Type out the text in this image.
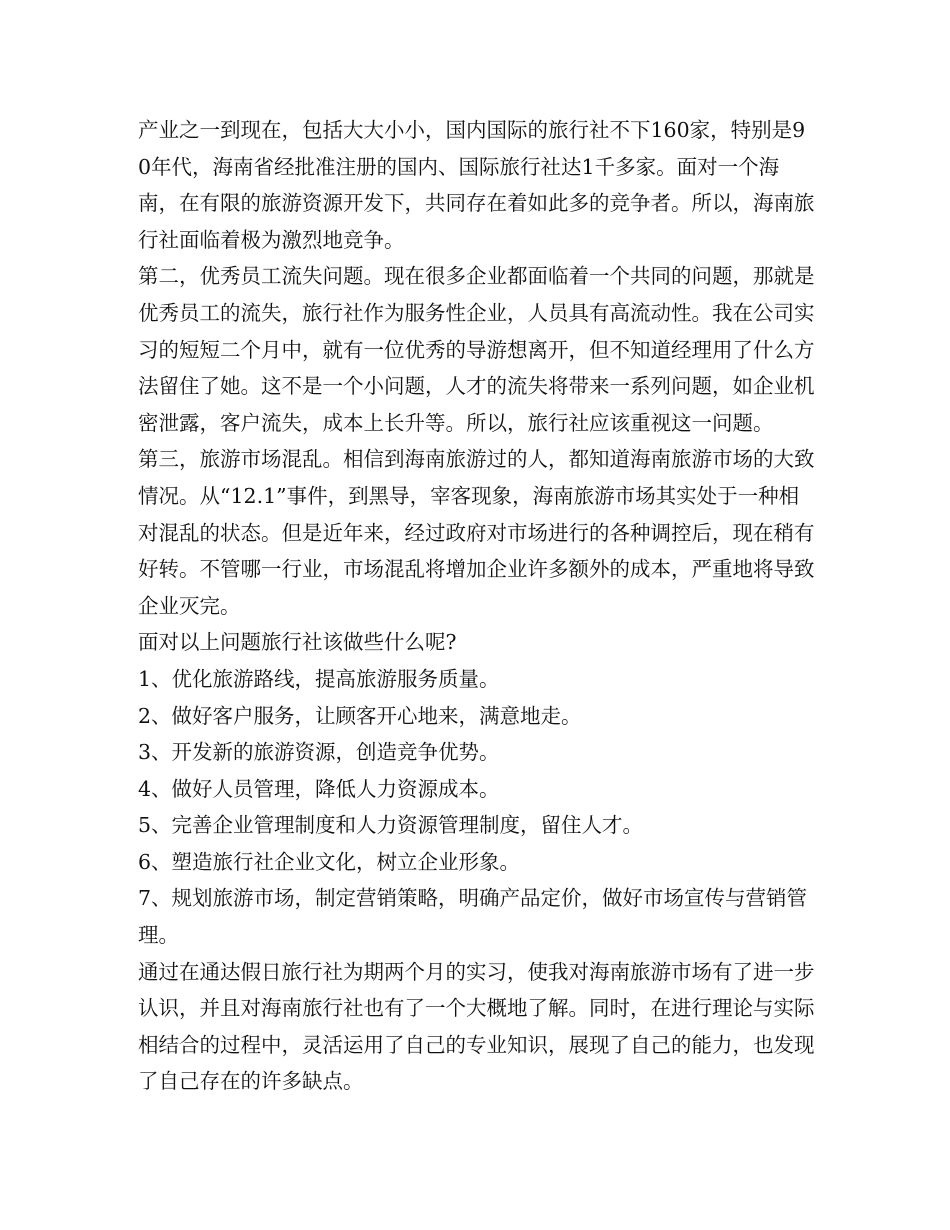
产业之一到现在，包括大大小小，国内国际的旅行社不下160家，特别是90年代，海南省经批准注册的国内、国际旅行社达1千多家。面对一个海南，在有限的旅游资源开发下，共同存在着如此多的竞争者。所以，海南旅行社面临着极为激烈地竞争。

第二，优秀员工流失问题。现在很多企业都面临着一个共同的问题，那就是优秀员工的流失，旅行社作为服务性企业，人员具有高流动性。我在公司实习的短短二个月中，就有一位优秀的导游想离开，但不知道经理用了什么方法留住了她。这不是一个小问题，人才的流失将带来一系列问题，如企业机密泄露，客户流失，成本上长升等。所以，旅行社应该重视这一问题。

第三，旅游市场混乱。相信到海南旅游过的人，都知道海南旅游市场的大致情况。从“12.1”事件，到黑导，宰客现象，海南旅游市场其实处于一种相对混乱的状态。但是近年来，经过政府对市场进行的各种调控后，现在稍有好转。不管哪一行业，市场混乱将增加企业许多额外的成本，严重地将导致企业灭完。

面对以上问题旅行社该做些什么呢?

1、优化旅游路线，提高旅游服务质量。

2、做好客户服务，让顾客开心地来，满意地走。

3、开发新的旅游资源，创造竞争优势。

4、做好人员管理，降低人力资源成本。

5、完善企业管理制度和人力资源管理制度，留住人才。

6、塑造旅行社企业文化，树立企业形象。

7、规划旅游市场，制定营销策略，明确产品定价，做好市场宣传与营销管理。

通过在通达假日旅行社为期两个月的实习，使我对海南旅游市场有了进一步认识，并且对海南旅行社也有了一个大概地了解。同时，在进行理论与实际相结合的过程中，灵活运用了自己的专业知识，展现了自己的能力，也发现了自己存在的许多缺点。
